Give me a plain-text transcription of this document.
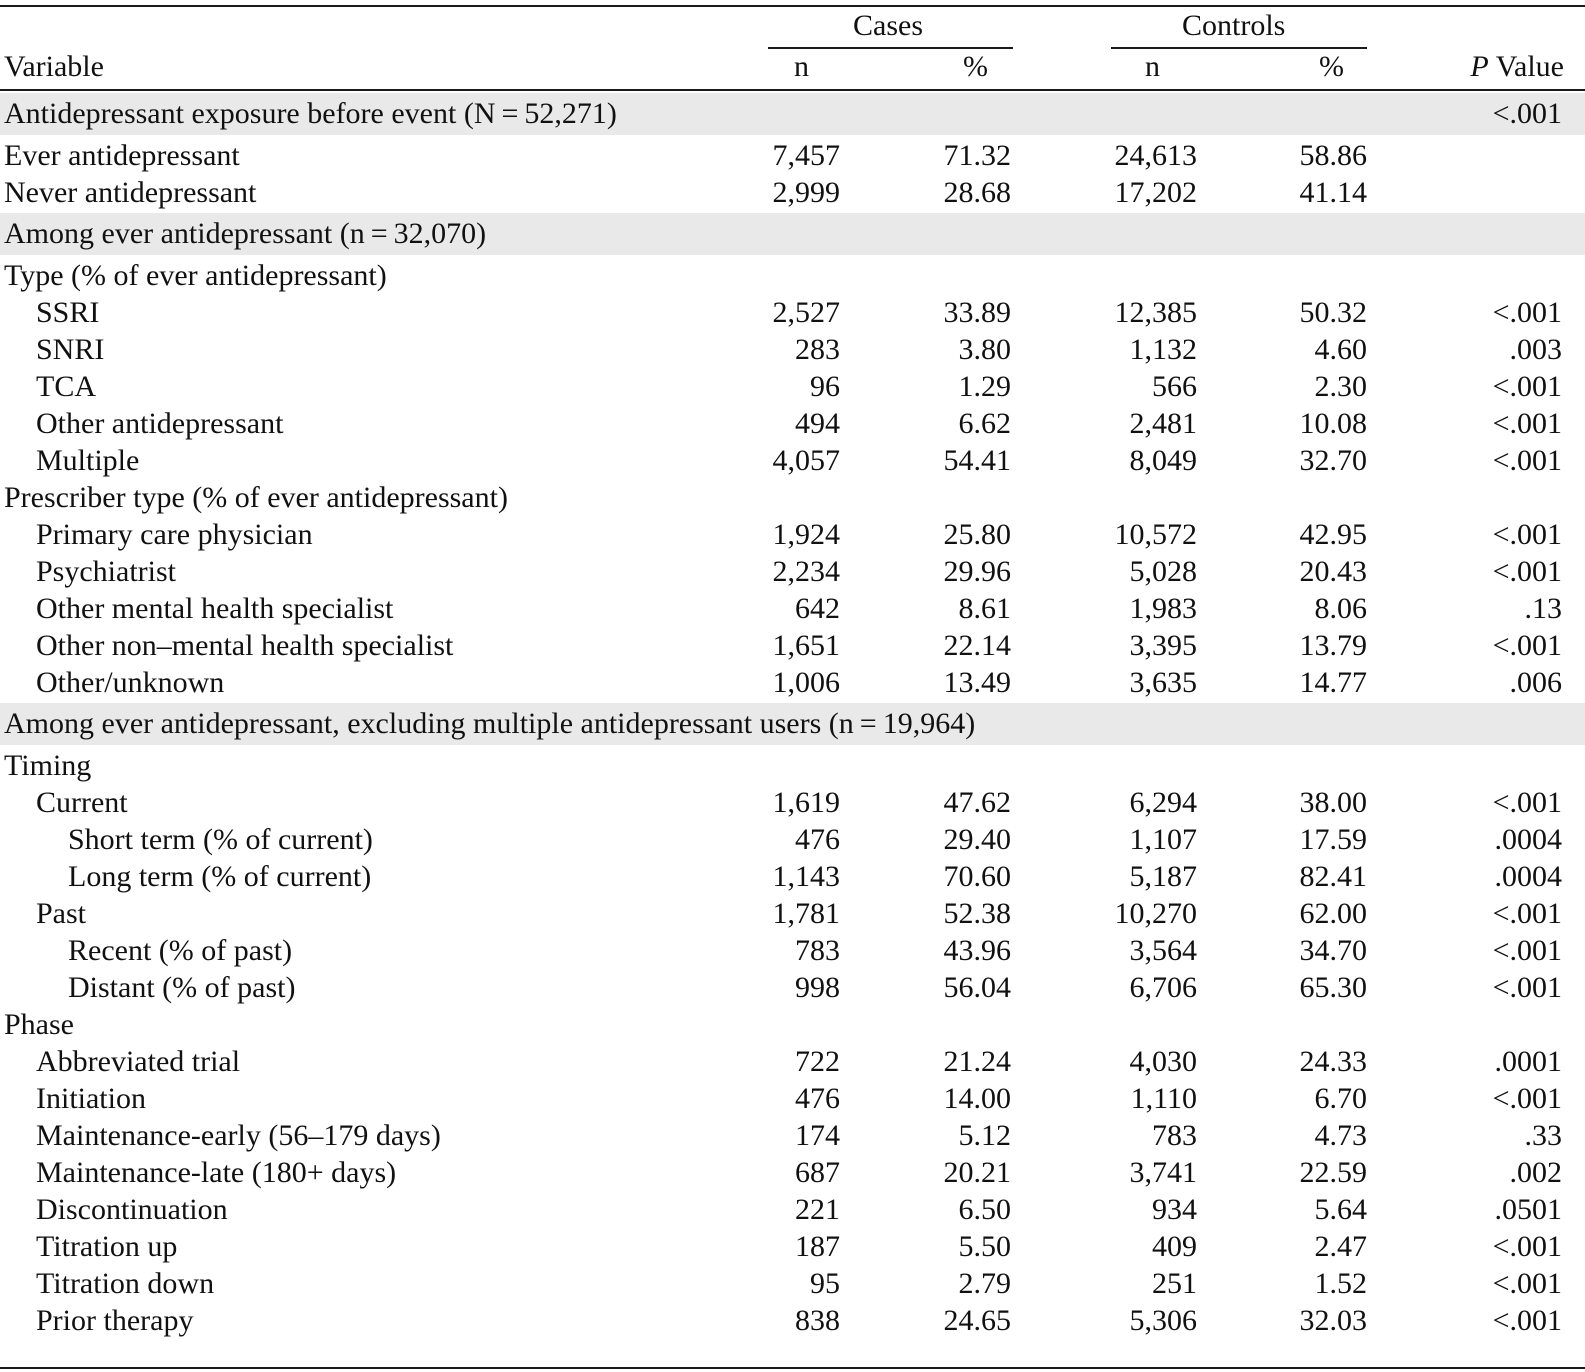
Cases	Controls
Variable	n	%	n	%	P Value
Antidepressant exposure before event (N = 52,271)	<.001
Ever antidepressant	7,457	71.32	24,613	58.86
Never antidepressant	2,999	28.68	17,202	41.14
Among ever antidepressant (n = 32,070)
Type (% of ever antidepressant)
SSRI	2,527	33.89	12,385	50.32	<.001
SNRI	283	3.80	1,132	4.60	.003
TCA	96	1.29	566	2.30	<.001
Other antidepressant	494	6.62	2,481	10.08	<.001
Multiple	4,057	54.41	8,049	32.70	<.001
Prescriber type (% of ever antidepressant)
Primary care physician	1,924	25.80	10,572	42.95	<.001
Psychiatrist	2,234	29.96	5,028	20.43	<.001
Other mental health specialist	642	8.61	1,983	8.06	.13
Other non–mental health specialist	1,651	22.14	3,395	13.79	<.001
Other/unknown	1,006	13.49	3,635	14.77	.006
Among ever antidepressant, excluding multiple antidepressant users (n = 19,964)
Timing
Current	1,619	47.62	6,294	38.00	<.001
Short term (% of current)	476	29.40	1,107	17.59	.0004
Long term (% of current)	1,143	70.60	5,187	82.41	.0004
Past	1,781	52.38	10,270	62.00	<.001
Recent (% of past)	783	43.96	3,564	34.70	<.001
Distant (% of past)	998	56.04	6,706	65.30	<.001
Phase
Abbreviated trial	722	21.24	4,030	24.33	.0001
Initiation	476	14.00	1,110	6.70	<.001
Maintenance-early (56–179 days)	174	5.12	783	4.73	.33
Maintenance-late (180+ days)	687	20.21	3,741	22.59	.002
Discontinuation	221	6.50	934	5.64	.0501
Titration up	187	5.50	409	2.47	<.001
Titration down	95	2.79	251	1.52	<.001
Prior therapy	838	24.65	5,306	32.03	<.001
